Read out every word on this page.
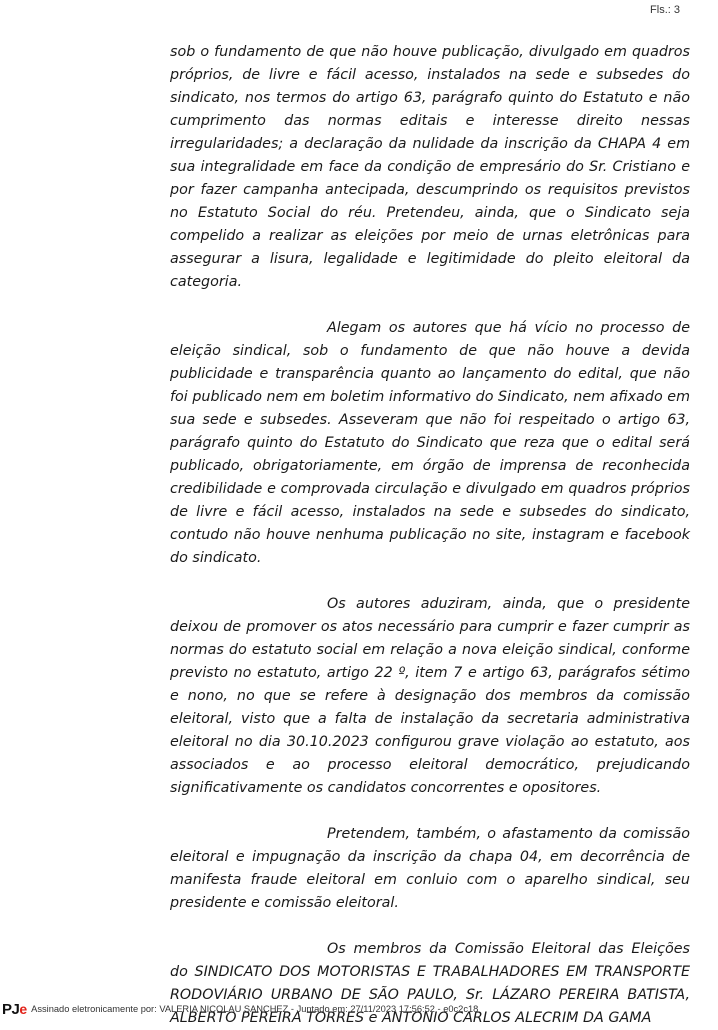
Fls.: 3

sob o fundamento de que não houve publicação, divulgado em quadros próprios, de livre e fácil acesso, instalados na sede e subsedes do sindicato, nos termos do artigo 63, parágrafo quinto do Estatuto e não cumprimento das normas editais e interesse direito nessas irregularidades; a declaração da nulidade da inscrição da CHAPA 4 em sua integralidade em face da condição de empresário do Sr. Cristiano e por fazer campanha antecipada, descumprindo os requisitos previstos no Estatuto Social do réu. Pretendeu, ainda, que o Sindicato seja compelido a realizar as eleições por meio de urnas eletrônicas para assegurar a lisura, legalidade e legitimidade do pleito eleitoral da categoria.

Alegam os autores que há vício no processo de eleição sindical, sob o fundamento de que não houve a devida publicidade e transparência quanto ao lançamento do edital, que não foi publicado nem em boletim informativo do Sindicato, nem afixado em sua sede e subsedes. Asseveram que não foi respeitado o artigo 63, parágrafo quinto do Estatuto do Sindicato que reza que o edital será publicado, obrigatoriamente, em órgão de imprensa de reconhecida credibilidade e comprovada circulação e divulgado em quadros próprios de livre e fácil acesso, instalados na sede e subsedes do sindicato, contudo não houve nenhuma publicação no site, instagram e facebook do sindicato.

Os autores aduziram, ainda, que o presidente deixou de promover os atos necessário para cumprir e fazer cumprir as normas do estatuto social em relação a nova eleição sindical, conforme previsto no estatuto, artigo 22 º, item 7 e artigo 63, parágrafos sétimo e nono, no que se refere à designação dos membros da comissão eleitoral, visto que a falta de instalação da secretaria administrativa eleitoral no dia 30.10.2023 configurou grave violação ao estatuto, aos associados e ao processo eleitoral democrático, prejudicando significativamente os candidatos concorrentes e opositores.

Pretendem, também, o afastamento da comissão eleitoral e impugnação da inscrição da chapa 04, em decorrência de manifesta fraude eleitoral em conluio com o aparelho sindical, seu presidente e comissão eleitoral.

Os membros da Comissão Eleitoral das Eleições do SINDICATO DOS MOTORISTAS E TRABALHADORES EM TRANSPORTE RODOVIÁRIO URBANO DE SÃO PAULO, Sr. LÁZARO PEREIRA BATISTA, ALBERTO PEREIRA TORRES e ANTONIO CARLOS ALECRIM DA GAMA

PJ e Assinado eletronicamente por: VALERIA NICOLAU SANCHEZ - Juntado em: 27/11/2023 17:56:52 - e0c2c18
